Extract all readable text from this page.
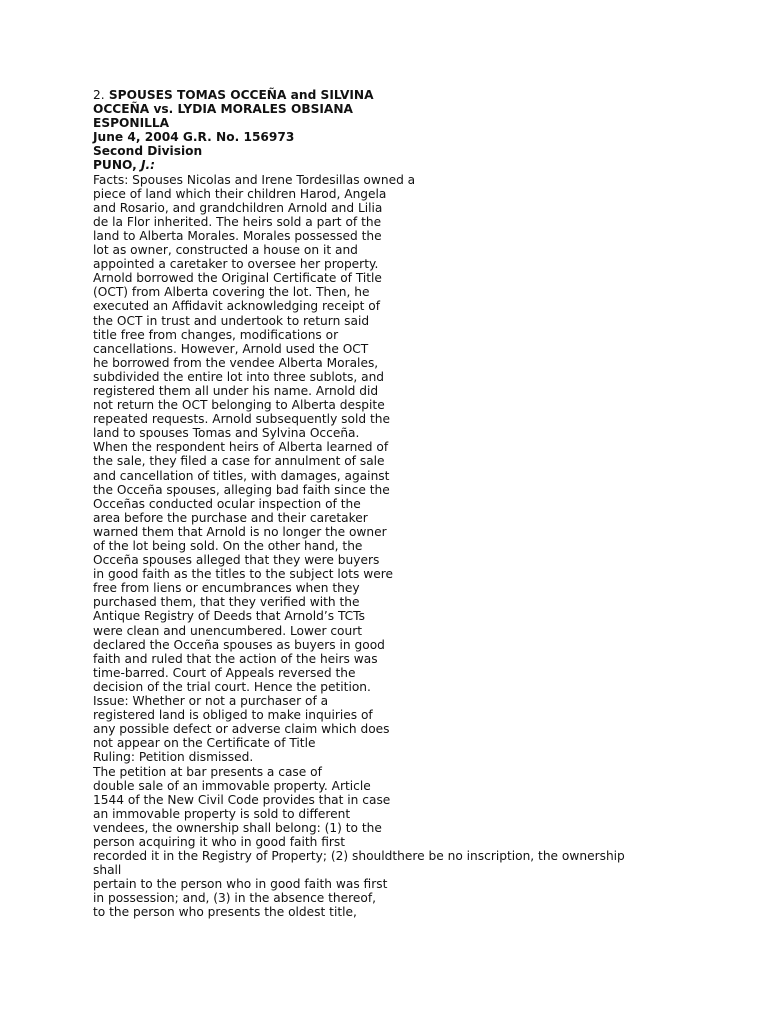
2. SPOUSES TOMAS OCCEÑA and SILVINA
OCCEÑA vs. LYDIA MORALES OBSIANA
ESPONILLA
June 4, 2004 G.R. No. 156973
Second Division
PUNO, J.:
Facts: Spouses Nicolas and Irene Tordesillas owned a
piece of land which their children Harod, Angela
and Rosario, and grandchildren Arnold and Lilia
de la Flor inherited. The heirs sold a part of the
land to Alberta Morales. Morales possessed the
lot as owner, constructed a house on it and
appointed a caretaker to oversee her property.
Arnold borrowed the Original Certificate of Title
(OCT) from Alberta covering the lot. Then, he
executed an Affidavit acknowledging receipt of
the OCT in trust and undertook to return said
title free from changes, modifications or
cancellations. However, Arnold used the OCT
he borrowed from the vendee Alberta Morales,
subdivided the entire lot into three sublots, and
registered them all under his name. Arnold did
not return the OCT belonging to Alberta despite
repeated requests. Arnold subsequently sold the
land to spouses Tomas and Sylvina Occeña.
When the respondent heirs of Alberta learned of
the sale, they filed a case for annulment of sale
and cancellation of titles, with damages, against
the Occeña spouses, alleging bad faith since the
Occeñas conducted ocular inspection of the
area before the purchase and their caretaker
warned them that Arnold is no longer the owner
of the lot being sold. On the other hand, the
Occeña spouses alleged that they were buyers
in good faith as the titles to the subject lots were
free from liens or encumbrances when they
purchased them, that they verified with the
Antique Registry of Deeds that Arnold’s TCTs
were clean and unencumbered. Lower court
declared the Occeña spouses as buyers in good
faith and ruled that the action of the heirs was
time-barred. Court of Appeals reversed the
decision of the trial court. Hence the petition.
Issue: Whether or not a purchaser of a
registered land is obliged to make inquiries of
any possible defect or adverse claim which does
not appear on the Certificate of Title
Ruling: Petition dismissed.
The petition at bar presents a case of
double sale of an immovable property. Article
1544 of the New Civil Code provides that in case
an immovable property is sold to different
vendees, the ownership shall belong: (1) to the
person acquiring it who in good faith first
recorded it in the Registry of Property; (2) shouldthere be no inscription, the ownership
shall
pertain to the person who in good faith was first
in possession; and, (3) in the absence thereof,
to the person who presents the oldest title,
